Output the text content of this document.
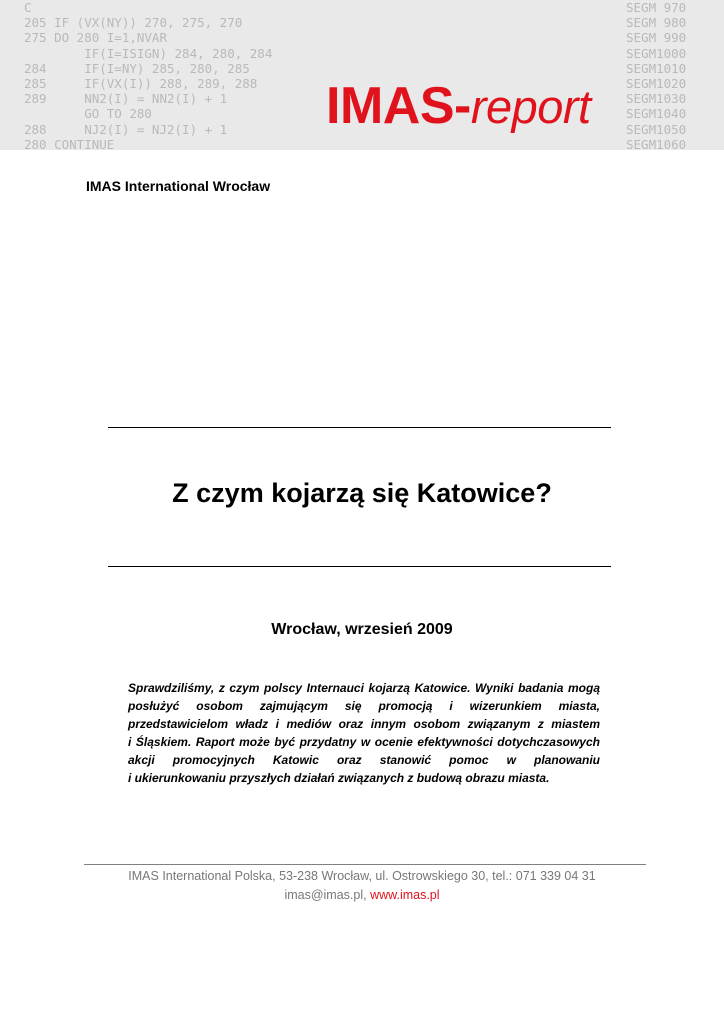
C
205 IF (VX(NY)) 270, 275, 270
275 DO 280 I=1,NVAR
IF(I=ISIGN) 284, 280, 284
284     IF(I=NY) 285, 280, 285
285     IF(VX(I)) 288, 289, 288
289     NN2(I) = NN2(I) + 1
GO TO 280
288     NJ2(I) = NJ2(I) + 1
280 CONTINUE
SEGM 970
SEGM 980
SEGM 990
SEGM1000
SEGM1010
SEGM1020
SEGM1030
SEGM1040
SEGM1050
SEGM1060
IMAS-report
IMAS International Wrocław
Z czym kojarzą się Katowice?
Wrocław, wrzesień 2009

Sprawdziliśmy, z czym polscy Internauci kojarzą Katowice. Wyniki badania mogą
posłużyć osobom zajmującym się promocją i wizerunkiem miasta,
przedstawicielom władz i mediów oraz innym osobom związanym z miastem
i Śląskiem. Raport może być przydatny w ocenie efektywności dotychczasowych
akcji promocyjnych Katowic oraz stanowić pomoc w planowaniu
i ukierunkowaniu przyszłych działań związanych z budową obrazu miasta.

IMAS International Polska, 53-238 Wrocław, ul. Ostrowskiego 30, tel.: 071 339 04 31
imas@imas.pl, www.imas.pl
